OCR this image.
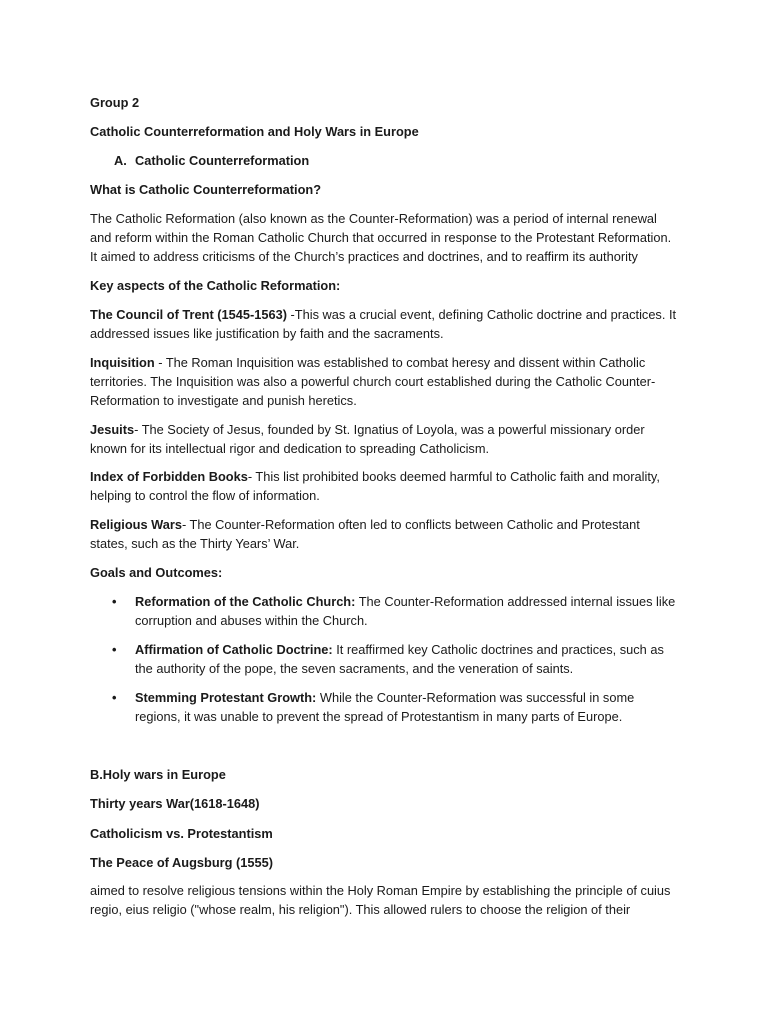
Group 2

Catholic Counterreformation and Holy Wars in Europe

A. Catholic Counterreformation

What is Catholic Counterreformation?

The Catholic Reformation (also known as the Counter-Reformation) was a period of internal renewal and reform within the Roman Catholic Church that occurred in response to the Protestant Reformation. It aimed to address criticisms of the Church’s practices and doctrines, and to reaffirm its authority

Key aspects of the Catholic Reformation:

The Council of Trent (1545-1563) -This was a crucial event, defining Catholic doctrine and practices. It addressed issues like justification by faith and the sacraments.

Inquisition - The Roman Inquisition was established to combat heresy and dissent within Catholic territories. The Inquisition was also a powerful church court established during the Catholic Counter-Reformation to investigate and punish heretics.

Jesuits- The Society of Jesus, founded by St. Ignatius of Loyola, was a powerful missionary order known for its intellectual rigor and dedication to spreading Catholicism.

Index of Forbidden Books- This list prohibited books deemed harmful to Catholic faith and morality, helping to control the flow of information.

Religious Wars- The Counter-Reformation often led to conflicts between Catholic and Protestant states, such as the Thirty Years’ War.

Goals and Outcomes:

• Reformation of the Catholic Church: The Counter-Reformation addressed internal issues like corruption and abuses within the Church.

• Affirmation of Catholic Doctrine: It reaffirmed key Catholic doctrines and practices, such as the authority of the pope, the seven sacraments, and the veneration of saints.

• Stemming Protestant Growth: While the Counter-Reformation was successful in some regions, it was unable to prevent the spread of Protestantism in many parts of Europe.

B.Holy wars in Europe

Thirty years War(1618-1648)

Catholicism vs. Protestantism

The Peace of Augsburg (1555)

aimed to resolve religious tensions within the Holy Roman Empire by establishing the principle of cuius regio, eius religio ("whose realm, his religion"). This allowed rulers to choose the religion of their
